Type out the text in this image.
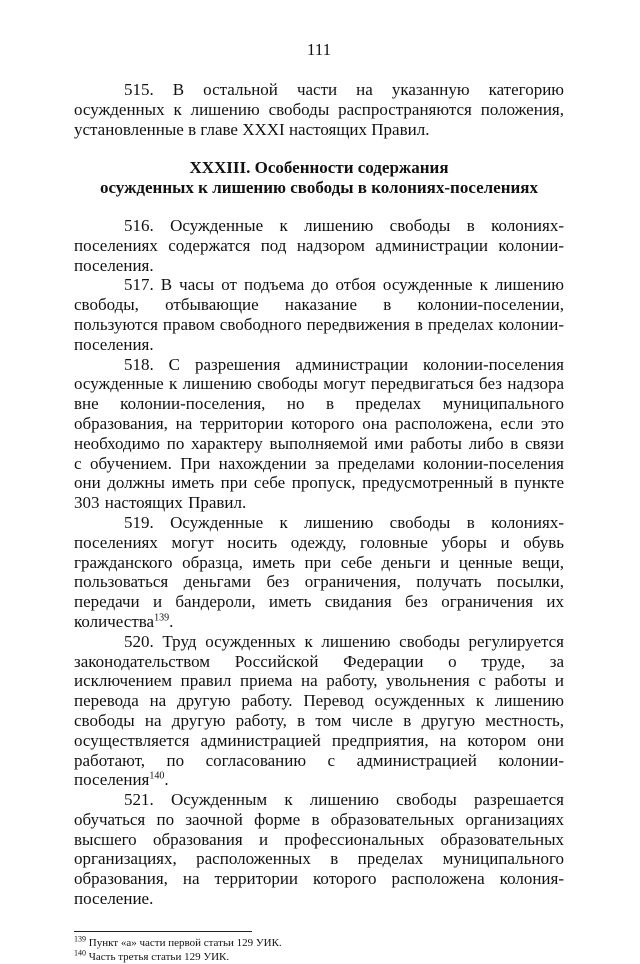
111

515. В остальной части на указанную категорию осужденных к лишению свободы распространяются положения, установленные в главе XXXI настоящих Правил.

XXXIII. Особенности содержания
осужденных к лишению свободы в колониях-поселениях

516. Осужденные к лишению свободы в колониях-поселениях содержатся под надзором администрации колонии-поселения.

517. В часы от подъема до отбоя осужденные к лишению свободы, отбывающие наказание в колонии-поселении, пользуются правом свободного передвижения в пределах колонии-поселения.

518. С разрешения администрации колонии-поселения осужденные к лишению свободы могут передвигаться без надзора вне колонии-поселения, но в пределах муниципального образования, на территории которого она расположена, если это необходимо по характеру выполняемой ими работы либо в связи с обучением. При нахождении за пределами колонии-поселения они должны иметь при себе пропуск, предусмотренный в пункте 303 настоящих Правил.

519. Осужденные к лишению свободы в колониях-поселениях могут носить одежду, головные уборы и обувь гражданского образца, иметь при себе деньги и ценные вещи, пользоваться деньгами без ограничения, получать посылки, передачи и бандероли, иметь свидания без ограничения их количества$^{139}$.

520. Труд осужденных к лишению свободы регулируется законодательством Российской Федерации о труде, за исключением правил приема на работу, увольнения с работы и перевода на другую работу. Перевод осужденных к лишению свободы на другую работу, в том числе в другую местность, осуществляется администрацией предприятия, на котором они работают, по согласованию с администрацией колонии-поселения$^{140}$.

521. Осужденным к лишению свободы разрешается обучаться по заочной форме в образовательных организациях высшего образования и профессиональных образовательных организациях, расположенных в пределах муниципального образования, на территории которого расположена колония-поселение.

$^{139}$ Пункт «а» части первой статьи 129 УИК.

$^{140}$ Часть третья статьи 129 УИК.
